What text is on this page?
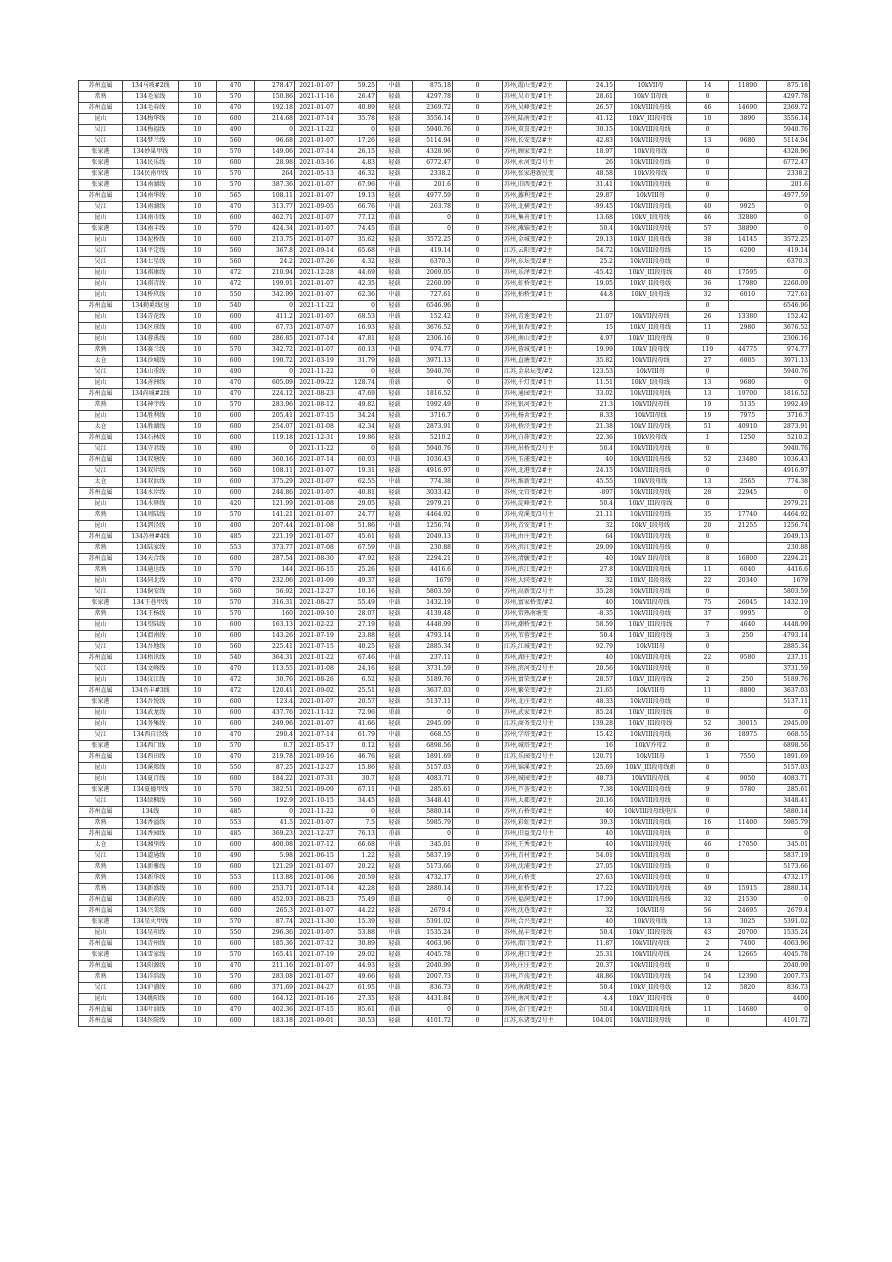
苏州直属	134马坡#2线	10	470	278.47	2021-01-07	59.25	中载	875.18	0	苏州,霞山变/#2主	24.15	10kVII母	14	11890	875.18
常熟	134毛家线	10	570	150.86	2021-11-16	26.47	轻载	4297.78	0	苏州,吴市变/#1主	28.61	10kV II母线	0		4297.78
苏州直属	134毛春线	10	470	192.18	2021-01-07	40.89	轻载	2369.72	0	苏州,吴峰变/#2主	26.57	10kVIII段母线	46	14690	2369.72
昆山	134梅华线	10	600	214.68	2021-07-14	35.78	轻载	3556.14	0	苏州,陆南变/#2主	41.12	10kV_III段母线	10	3890	3556.14
吴江	134梅福线	10	490	0	2021-11-22	0	轻载	5940.76	0	苏州,双喜变/#2主	30.15	10kVIII段母线	0		5940.76
吴江	134梦兰线	10	560	96.68	2021-01-07	17.26	轻载	5114.94	0	苏州,长安变/2#主	42.83	10kVIII段母线	13	9680	5114.94
张家港	134妙巢甲线	10	570	149.06	2021-07-14	26.15	轻载	4328.96	0	苏州,顾家变/#2主	18.97	10kV段母线	0		4328.96
张家港	134民乐线	10	600	28.98	2021-03-16	4.83	轻载	6772.47	0	苏州,永河变/2号主	26	10kVIII段母线	0		6772.47
张家港	134民南甲线	10	570	264	2021-05-13	46.32	轻载	2338.2	0	苏州,张家港新民变	48.58	10kV段母线	0		2338.2
张家港	134南湖线	10	570	387.36	2021-01-07	67.96	中载	201.6	0	苏州,旧西变/#2主	31.41	10kVIII段母线	0		201.6
苏州直属	134南华线	10	565	108.11	2021-01-07	19.13	轻载	4977.59	0	苏州,蠡利变/#2主	29.87	10kVIII母	0		4977.59
吴江	134南湖线	10	470	313.77	2021-09-05	66.76	中载	263.78	0	苏州,北横变/#2主	-99.45	10kVIII段母线	40	9925	0
昆山	134南市线	10	600	462.71	2021-01-07	77.12	重载	0	0	苏州,集善变/#1主	13.68	10kV_I段母线	46	32880	0
张家港	134南丰线	10	570	424.34	2021-01-07	74.45	重载	0	0	苏州,滩锦变/#2主	50.4	10kVIII段母线	57	38890	0
昆山	134泥桥线	10	600	213.75	2021-01-07	35.62	轻载	3572.25	0	苏州,金城变/#2主	29.13	10kV_II段母线	38	14145	3572.25
吴江	134平定线	10	560	367.8	2021-09-14	65.68	中载	419.14	0	江苏,云阳变/#2主	54.72	10kVIII段母线	15	6200	419.14
吴江	134七星线	10	560	24.2	2021-07-26	4.32	轻载	6370.3	0	苏州,东坛变/2#主	25.2	10kVIII段母线	0		6370.3
昆山	134祺康线	10	472	210.94	2021-12-28	44.69	轻载	2069.05	0	苏州,乐泽变/#2主	-45.42	10kV_III段母线	40	17595	0
昆山	134祺青线	10	472	199.91	2021-01-07	42.35	轻载	2260.09	0	苏州,虹桥变/#2主	19.05	10kV_II段母线	36	17980	2260.09
昆山	134桥玖线	10	550	342.99	2021-01-07	62.36	中载	727.61	0	苏州,柏桥变/#1主	44.8	10kV_I段母线	32	6010	727.61
苏州直属	134勤奚线(退	10	540	0	2021-11-22	0	轻载	6546.96	0				0		6546.96
昆山	134青花线	10	600	411.2	2021-01-07	68.53	中载	152.42	0	苏州,青莲变/#2主	21.07	10kVII段母线	26	13380	152.42
昆山	134区球线	10	400	67.73	2021-07-07	16.93	轻载	3676.52	0	苏州,银杏变/#2主	15	10kV_II段母线	11	2980	3676.52
昆山	134蓉禹线	10	600	286.85	2021-07-14	47.81	轻载	2306.16	0	苏州,南山变/#2主	4.97	10kV_III段母线	0		2306.16
常熟	134赛兰线	10	570	342.72	2021-01-07	60.13	中载	974.77	0	苏州,蓉城变/#1主	19.99	10kV I段母线	119	44775	974.77
太仓	134沙城线	10	600	190.72	2021-03-19	31.79	轻载	3971.13	0	苏州,直塘变/#2主	35.82	10kVII段母线	27	6005	3971.13
吴江	134山重线	10	490	0	2021-11-22	0	轻载	5940.76	0	江苏,金泉坛变/#2	123.53	10kVIII母	0		5940.76
昆山	134善洲线	10	470	605.09	2021-09-22	128.74	重载	0	0	苏州,千灯变/#1主	11.51	10kV_I段母线	13	9680	0
苏州直属	134尚城#2线	10	470	224.12	2021-08-23	47.69	轻载	1816.52	0	苏州,通园变/#2主	33.02	10kVIII段母线	13	19700	1816.52
常熟	134神宇线	10	570	283.96	2021-08-12	49.82	轻载	1992.49	0	苏州,银河变/#2主	21.3	10kVII段母线	19	5135	1992.49
昆山	134胜利线	10	600	205.41	2021-07-15	34.24	轻载	3716.7	0	苏州,杨舍变/#2主	8.33	10kVII母线	19	7975	3716.7
太仓	134胜湖线	10	600	254.07	2021-01-08	42.34	轻载	2873.91	0	苏州,桥泾变/#2主	21.38	10kV II段母线	51	40910	2873.91
苏州直属	134石林线	10	600	119.18	2021-12-31	19.86	轻载	5210.2	0	苏州,白茆变/#2主	22.36	10kV段母线	1	1250	5210.2
吴江	134守君线	10	490	0	2021-11-22	0	轻载	5940.76	0	苏州,吊桥变/2号主	50.4	10kVIII段母线	0		5940.76
苏州直属	134双塘线	10	600	360.16	2021-07-14	60.03	中载	1036.43	0	苏州,玉浦变/#2主	40	10kVIII段母线	52	23480	1036.43
吴江	134双岸线	10	560	108.11	2021-01-07	19.31	轻载	4916.97	0	苏州,北港变/2#主	24.15	10kVIII段母线	0		4916.97
太仓	134双浜线	10	600	375.29	2021-01-07	62.55	中载	774.38	0	苏州,维新变/#2主	45.55	10kV段母线	13	2565	774.38
苏州直属	134水岸线	10	600	244.86	2021-01-07	40.81	轻载	3033.42	0	苏州,文宫变/#2主	-897	10kVIII段母线	28	22945	0
昆山	134水驿线	10	420	121.99	2021-01-08	29.05	轻载	2979.21	0	苏州,淀峰变/#2主	50.4	10kV_III段母线	0		2979.21
常熟	134周陆线	10	570	141.21	2021-01-07	24.77	轻载	4464.92	0	苏州,莺溪变/3号主	21.11	10kVIII段母线	35	17740	4464.92
昆山	134泗泾线	10	400	207.44	2021-01-08	51.86	中载	1256.74	0	苏州,青安变/#1主	32	10kV_I段母线	20	21255	1256.74
苏州直属	134苏州#4线	10	485	221.19	2021-01-07	45.61	轻载	2049.13	0	苏州,由庄变/#2主	64	10kVIII段母线	0		2049.13
常熟	134陆家线	10	553	373.77	2021-07-08	67.59	中载	230.88	0	苏州,滨江变/#2主	29.09	10kVIII段母线	0		230.88
苏州直属	134天合线	10	600	287.54	2021-08-30	47.92	轻载	2294.21	0	苏州,清毓变/#2主	40	10kV II段母线	8	16800	2294.21
常熟	134通达线	10	570	144	2021-06-15	25.26	轻载	4416.6	0	苏州,滨江变/#2主	27.8	10kVIII段母线	11	6040	4416.6
昆山	134同北线	10	470	232.06	2021-01-09	49.37	轻载	1679	0	苏州,大同变/#2主	32	10kV_II段母线	22	20340	1679
吴江	134铜安线	10	560	56.92	2021-12-27	10.16	轻载	5803.59	0	苏州,高新变/2号主	35.28	10kVIII段母线	0		5803.59
张家港	134王巷甲线	10	570	316.31	2021-08-27	55.49	中载	1432.19	0	苏州,富家桥变/#2	40	10kVII段母线	75	26045	1432.19
常熟	134王杨线	10	570	160	2021-09-10	28.07	轻载	4139.48	0	苏州,常熟南塘变	-8.35	10kVIII段母线	37	9995	0
昆山	134望陆线	10	600	163.13	2021-02-22	27.19	轻载	4448.99	0	苏州,潮桥变/#2主	58.59	10kV_III段母线	7	4640	4448.99
昆山	134渭南线	10	600	143.26	2021-07-19	23.88	轻载	4793.14	0	苏州,苇蓉变/#2主	50.4	10kV_III段母线	3	250	4793.14
吴江	134吾地线	10	560	225.41	2021-07-15	40.25	轻载	2885.34	0	江苏,江城变/#2主	92.79	10kVIII母	0		2885.34
苏州直属	134梧讯线	10	540	364.31	2021-01-22	67.46	中载	237.11	0	苏州,湖庄变/#2主	40	10kVIII段母线	22	9580	237.11
吴江	134文峰线	10	470	113.55	2021-01-08	24.16	轻载	3731.59	0	苏州,滨河变/2号主	20.56	10kVIII段母线	0		3731.59
昆山	134汶江线	10	472	30.76	2021-08-26	6.52	轻载	5189.76	0	苏州,富荣变/2#主	28.57	10kV_III段母线	2	250	5189.76
苏州直属	134吾丰#3线	10	472	120.41	2021-09-02	25.51	轻载	3637.03	0	苏州,繁荣变/#2主	21.65	10kVIII母	11	8800	3637.03
张家港	134吾悦线	10	600	123.4	2021-01-07	20.57	轻载	5137.11	0	苏州,北庄变/#2主	48.33	10kVIII段母线	0		5137.11
昆山	134武龙线	10	600	437.76	2021-11-12	72.96	重载	0	0	苏州,武家变/#2主	85.24	10kV_III段母线	0		0
昆山	134务集线	10	600	249.96	2021-01-07	41.66	轻载	2945.09	0	江苏,商务变/2号主	139.28	10kV_III段母线	52	30015	2945.09
吴江	134西自泾线	10	470	290.4	2021-07-14	61.79	中载	668.55	0	苏州,学塔变/#2主	15.42	10kVIII段母线	36	18975	668.55
张家港	134西门线	10	570	0.7	2021-05-17	0.12	轻载	6898.56	0	苏州,城塔变/#2主	16	10kV乔母2	0		6898.56
苏州直属	134西田线	10	470	219.78	2021-09-16	46.76	轻载	1891.69	0	江苏,乐园变/2号主	120.71	10kVIII母	1	7550	1891.69
昆山	134溪郑线	10	550	87.25	2021-12-27	15.86	轻载	5157.03	0	苏州,锦溪变/#2主	25.69	10kV_III段母线新	0		5157.03
昆山	134夏百线	10	600	184.22	2021-07-31	30.7	轻载	4083.71	0	苏州,城园变/#2主	48.73	10kVII段母线	4	9050	4083.71
张家港	134夏德甲线	10	570	382.51	2021-09-09	67.11	中载	285.61	0	苏州,芦荟变/#2主	7.38	10kVIII段母线	9	5780	285.61
吴江	134绿枫线	10	560	192.9	2021-10-15	34.45	轻载	3448.41	0	苏州,大郡变/#2主	20.16	10kVIII段母线	0		3448.41
苏州直属	134线	10	485	0	2021-11-22	0	轻载	5880.14	0	苏州,石桥变/#2主	40	10kVIII段母线电压	0		5880.14
常熟	134香溢线	10	553	41.5	2021-01-07	7.5	轻载	5985.79	0	苏州,彩虹变/#2主	39.3	10kVIII段母线	16	11400	5985.79
苏州直属	134香园线	10	485	369.23	2021-12-27	76.13	重载	0	0	苏州,旧益变/2号主	40	10kVIII段母线	0		0
太仓	134湘里线	10	600	400.08	2021-07-12	66.68	中载	345.01	0	苏州,王秀变/#2主	40	10kVIII段母线	46	17050	345.01
吴江	134道通线	10	490	5.98	2021-06-15	1.22	轻载	5837.19	0	苏州,青村变/#2主	54.01	10kVIII段母线	0		5837.19
常熟	134新雅线	10	600	121.29	2021-01-07	20.22	轻载	5173.66	0	苏州,沈浦变/#2主	27.05	10kVIII段母线	0		5173.66
常熟	134新华线	10	553	113.88	2021-01-06	20.59	轻载	4732.17	0	苏州,石桥变	27.63	10kVIII段母线	0		4732.17
常熟	134新盛线	10	600	253.71	2021-07-14	42.28	轻载	2880.14	0	苏州,虹桥变/#2主	17.22	10kVIII段母线	49	15915	2880.14
苏州直属	134新药线	10	600	452.93	2021-08-23	75.49	重载	0	0	苏州,福润变/#2主	17.99	10kVIII段母线	32	21530	0
苏州直属	134兴美线	10	600	265.3	2021-01-07	44.22	轻载	2679.4	0	苏州,沈巷变/#2主	32	10kVIII母	56	24695	2679.4
张家港	134星火甲线	10	570	87.74	2021-11-30	15.39	轻载	5391.02	0	苏州,合兴变/#2主	40	10kV段母线	13	3025	5391.02
昆山	134星印线	10	550	296.36	2021-01-07	53.88	中载	1535.24	0	苏州,昆丰变/#2主	50.4	10kV_III段母线	43	20700	1535.24
苏州直属	134青州线	10	600	185.36	2021-07-12	30.89	轻载	4063.96	0	苏州,渭门变/#2主	11.87	10kVII段母线	2	7400	4063.96
张家港	134雪家线	10	570	165.41	2021-07-19	29.02	轻载	4045.78	0	苏州,港口变/#2主	25.31	10kVII段母线	24	12665	4045.78
苏州直属	134阳源线	10	470	211.16	2021-01-07	44.93	轻载	2040.99	0	苏州,庄庄变/#2主	20.37	10kVIII段母线	0		2040.99
常熟	134洋浩线	10	570	283.08	2021-01-07	49.66	轻载	2007.73	0	苏州,芦荡变/#2主	48.86	10kVIII段母线	54	12390	2007.73
吴江	134沪浦线	10	600	371.69	2021-04-27	61.95	中载	836.73	0	苏州,南湖变/#2主	50.4	10kV_II段母线	12	5820	836.73
昆山	134姚阳线	10	600	164.12	2021-01-16	27.35	轻载	4431.84	0	苏州,南河变/#2主	4.4	10kV_III段母线	0		4400
苏州直属	134叶油线	10	470	402.36	2021-07-15	85.61	重载	0	0	苏州,金门变/#2主	50.4	10kVIII段母线	11	14680	0
苏州直属	134医院线	10	600	183.18	2021-09-01	30.53	轻载	4101.72	0	江苏,东诸变/2号主	104.01	10kVIII段母线	0		4101.72
